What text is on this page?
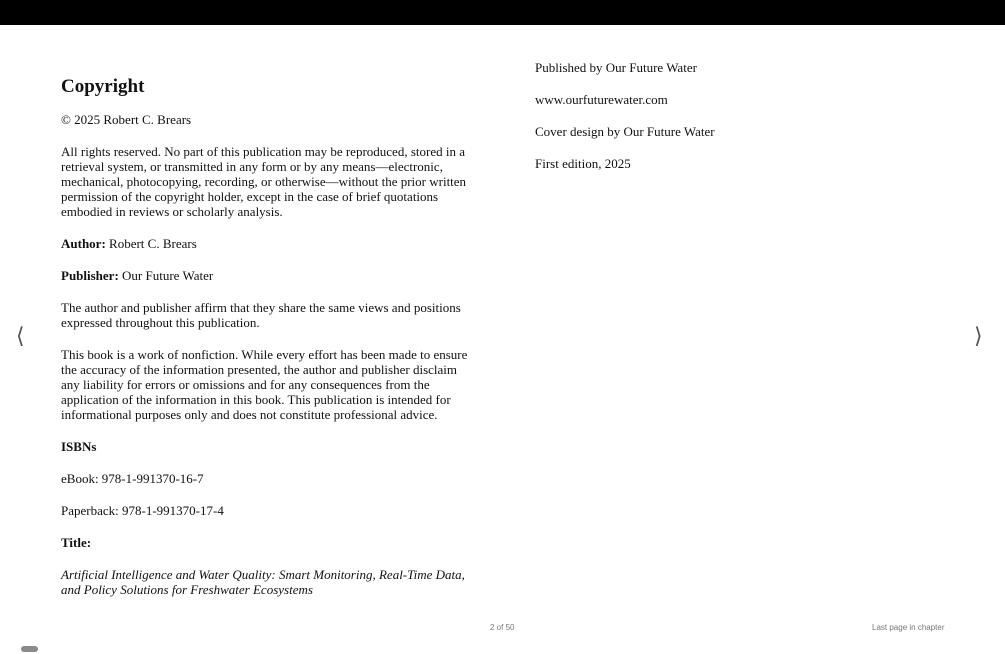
Copyright

© 2025 Robert C. Brears

All rights reserved. No part of this publication may be reproduced, stored in a retrieval system, or transmitted in any form or by any means—electronic, mechanical, photocopying, recording, or otherwise—without the prior written permission of the copyright holder, except in the case of brief quotations embodied in reviews or scholarly analysis.

Author: Robert C. Brears

Publisher: Our Future Water

The author and publisher affirm that they share the same views and positions expressed throughout this publication.

This book is a work of nonfiction. While every effort has been made to ensure the accuracy of the information presented, the author and publisher disclaim any liability for errors or omissions and for any consequences from the application of the information in this book. This publication is intended for informational purposes only and does not constitute professional advice.

ISBNs

eBook: 978-1-991370-16-7

Paperback: 978-1-991370-17-4

Title:

Artificial Intelligence and Water Quality: Smart Monitoring, Real-Time Data, and Policy Solutions for Freshwater Ecosystems

Published by Our Future Water

www.ourfuturewater.com

Cover design by Our Future Water

First edition, 2025

⟨	⟩
2 of 50	Last page in chapter
